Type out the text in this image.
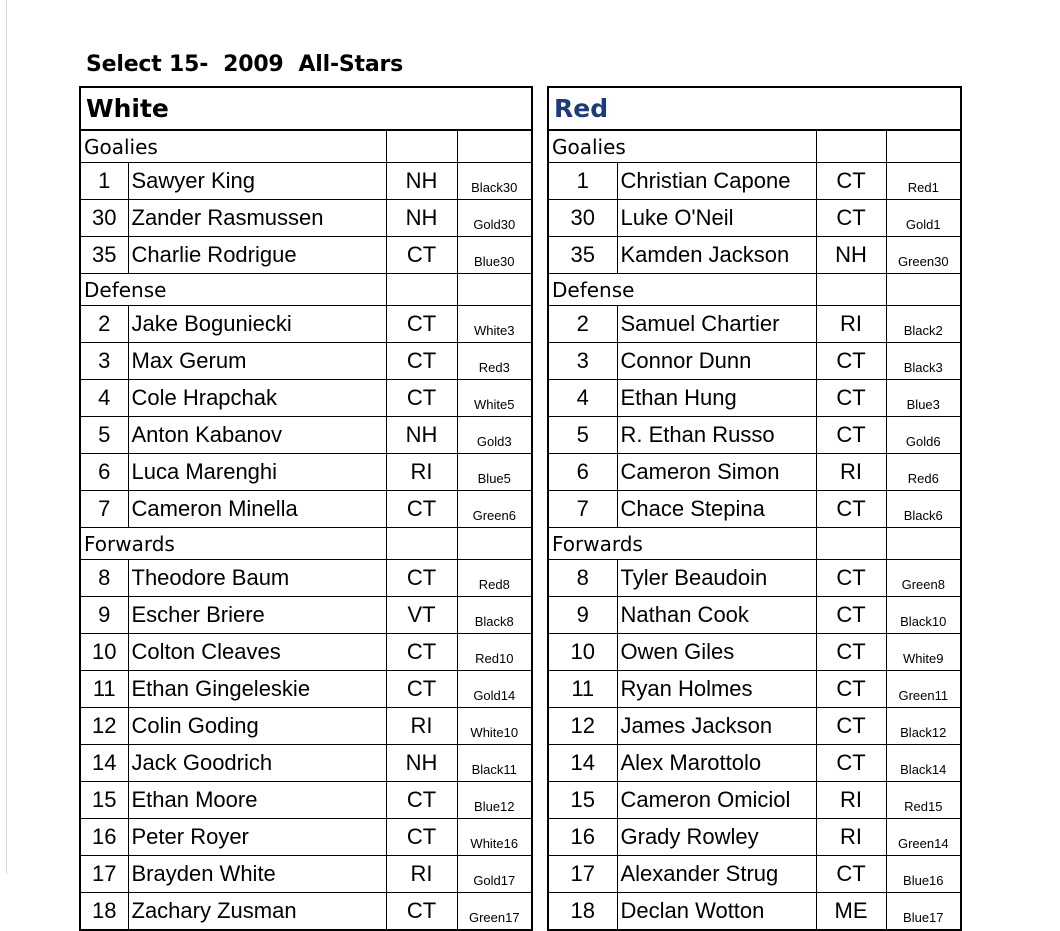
Select 15-  2009  All-Stars
White			
Goalies			
1	Sawyer King	NH	Black30
30	Zander Rasmussen	NH	Gold30
35	Charlie Rodrigue	CT	Blue30
Defense			
2	Jake Boguniecki	CT	White3
3	Max Gerum	CT	Red3
4	Cole Hrapchak	CT	White5
5	Anton Kabanov	NH	Gold3
6	Luca Marenghi	RI	Blue5
7	Cameron Minella	CT	Green6
Forwards			
8	Theodore Baum	CT	Red8
9	Escher Briere	VT	Black8
10	Colton Cleaves	CT	Red10
11	Ethan Gingeleskie	CT	Gold14
12	Colin Goding	RI	White10
14	Jack Goodrich	NH	Black11
15	Ethan Moore	CT	Blue12
16	Peter Royer	CT	White16
17	Brayden White	RI	Gold17
18	Zachary Zusman	CT	Green17
Red			
Goalies			
1	Christian Capone	CT	Red1
30	Luke O'Neil	CT	Gold1
35	Kamden Jackson	NH	Green30
Defense			
2	Samuel Chartier	RI	Black2
3	Connor Dunn	CT	Black3
4	Ethan Hung	CT	Blue3
5	R. Ethan Russo	CT	Gold6
6	Cameron Simon	RI	Red6
7	Chace Stepina	CT	Black6
Forwards			
8	Tyler Beaudoin	CT	Green8
9	Nathan Cook	CT	Black10
10	Owen Giles	CT	White9
11	Ryan Holmes	CT	Green11
12	James Jackson	CT	Black12
14	Alex Marottolo	CT	Black14
15	Cameron Omiciol	RI	Red15
16	Grady Rowley	RI	Green14
17	Alexander Strug	CT	Blue16
18	Declan Wotton	ME	Blue17
